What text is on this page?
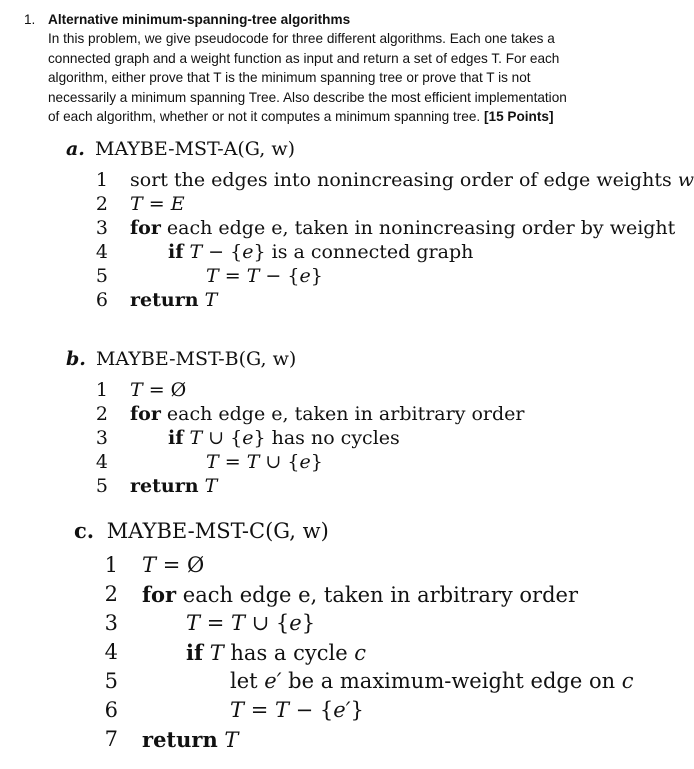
1. Alternative minimum-spanning-tree algorithms
In this problem, we give pseudocode for three different algorithms. Each one takes a
connected graph and a weight function as input and return a set of edges T. For each
algorithm, either prove that T is the minimum spanning tree or prove that T is not
necessarily a minimum spanning Tree. Also describe the most efficient implementation
of each algorithm, whether or not it computes a minimum spanning tree. [15 Points]
a. MAYBE-MST-A(G, w)
1 sort the edges into nonincreasing order of edge weights w
2 T = E
3 for each edge e, taken in nonincreasing order by weight
4	if T − {e} is a connected graph
5	T = T − {e}
6 return T
b. MAYBE-MST-B(G, w)
1 T = Ø
2 for each edge e, taken in arbitrary order
3	if T ∪ {e} has no cycles
4	T = T ∪ {e}
5 return T
c. MAYBE-MST-C(G, w)
1 T = Ø
2 for each edge e, taken in arbitrary order
3	T = T ∪ {e}
4	if T has a cycle c
5	let e′ be a maximum-weight edge on c
6	T = T − {e′}
7 return T
